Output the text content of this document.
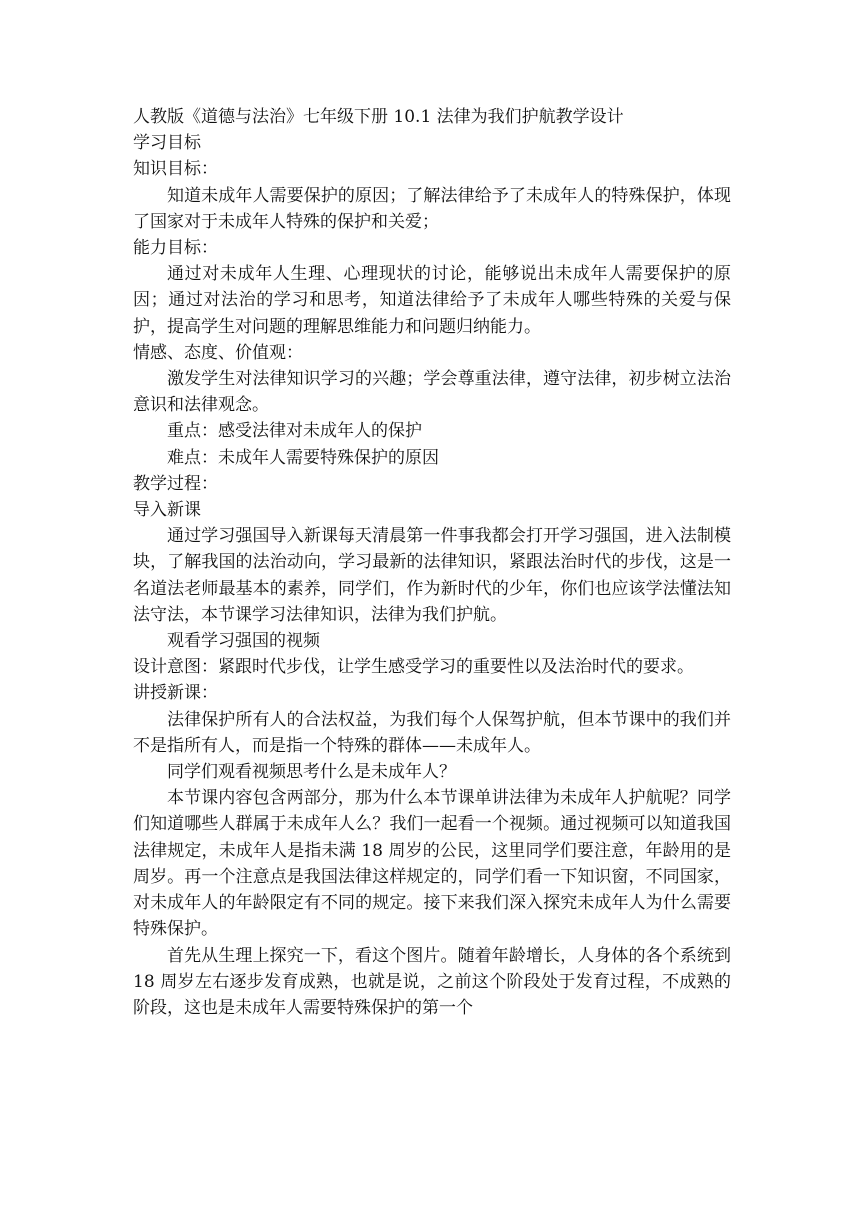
人教版《道德与法治》七年级下册 10.1 法律为我们护航教学设计

学习目标

知识目标：

知道未成年人需要保护的原因；了解法律给予了未成年人的特殊保护，体现了国家对于未成年人特殊的保护和关爱；

能力目标：

通过对未成年人生理、心理现状的讨论，能够说出未成年人需要保护的原因；通过对法治的学习和思考，知道法律给予了未成年人哪些特殊的关爱与保护，提高学生对问题的理解思维能力和问题归纳能力。

情感、态度、价值观：

激发学生对法律知识学习的兴趣；学会尊重法律，遵守法律，初步树立法治意识和法律观念。

重点：感受法律对未成年人的保护

难点：未成年人需要特殊保护的原因

教学过程：

导入新课

通过学习强国导入新课每天清晨第一件事我都会打开学习强国，进入法制模块，了解我国的法治动向，学习最新的法律知识，紧跟法治时代的步伐，这是一名道法老师最基本的素养，同学们，作为新时代的少年，你们也应该学法懂法知法守法，本节课学习法律知识，法律为我们护航。

观看学习强国的视频

设计意图：紧跟时代步伐，让学生感受学习的重要性以及法治时代的要求。

讲授新课：

法律保护所有人的合法权益，为我们每个人保驾护航，但本节课中的我们并不是指所有人，而是指一个特殊的群体——未成年人。

同学们观看视频思考什么是未成年人？

本节课内容包含两部分，那为什么本节课单讲法律为未成年人护航呢？同学们知道哪些人群属于未成年人么？我们一起看一个视频。通过视频可以知道我国法律规定，未成年人是指未满 18 周岁的公民，这里同学们要注意，年龄用的是周岁。再一个注意点是我国法律这样规定的，同学们看一下知识窗，不同国家，对未成年人的年龄限定有不同的规定。接下来我们深入探究未成年人为什么需要特殊保护。

首先从生理上探究一下，看这个图片。随着年龄增长，人身体的各个系统到 18 周岁左右逐步发育成熟，也就是说，之前这个阶段处于发育过程，不成熟的阶段，这也是未成年人需要特殊保护的第一个
